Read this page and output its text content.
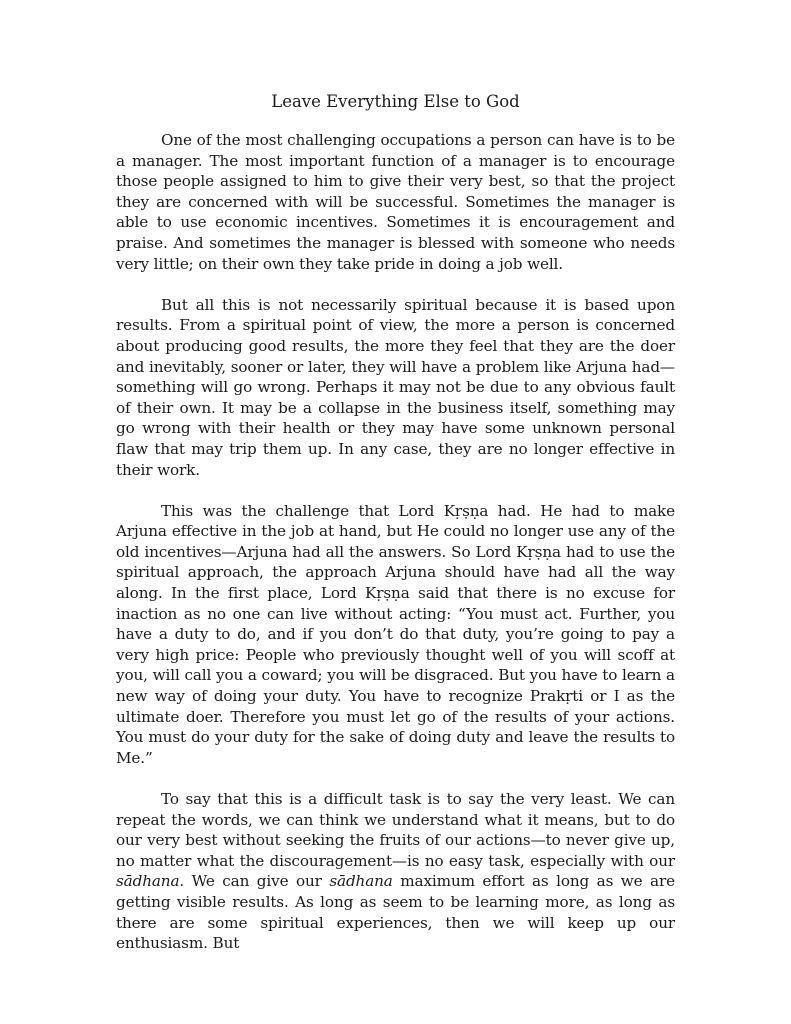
Leave Everything Else to God

One of the most challenging occupations a person can have is to be a manager. The most important function of a manager is to encourage those people assigned to him to give their very best, so that the project they are concerned with will be successful. Sometimes the manager is able to use economic incentives. Sometimes it is encouragement and praise. And sometimes the manager is blessed with someone who needs very little; on their own they take pride in doing a job well.

But all this is not necessarily spiritual because it is based upon results. From a spiritual point of view, the more a person is concerned about producing good results, the more they feel that they are the doer and inevitably, sooner or later, they will have a problem like Arjuna had—something will go wrong. Perhaps it may not be due to any obvious fault of their own. It may be a collapse in the business itself, something may go wrong with their health or they may have some unknown personal flaw that may trip them up. In any case, they are no longer effective in their work.

This was the challenge that Lord Kṛṣṇa had. He had to make Arjuna effective in the job at hand, but He could no longer use any of the old incentives—Arjuna had all the answers. So Lord Kṛṣṇa had to use the spiritual approach, the approach Arjuna should have had all the way along. In the first place, Lord Kṛṣṇa said that there is no excuse for inaction as no one can live without acting: “You must act. Further, you have a duty to do, and if you don’t do that duty, you’re going to pay a very high price: People who previously thought well of you will scoff at you, will call you a coward; you will be disgraced. But you have to learn a new way of doing your duty. You have to recognize Prakṛti or I as the ultimate doer. Therefore you must let go of the results of your actions. You must do your duty for the sake of doing duty and leave the results to Me.”

To say that this is a difficult task is to say the very least. We can repeat the words, we can think we understand what it means, but to do our very best without seeking the fruits of our actions—to never give up, no matter what the discouragement—is no easy task, especially with our sādhana. We can give our sādhana maximum effort as long as we are getting visible results. As long as seem to be learning more, as long as there are some spiritual experiences, then we will keep up our enthusiasm. But
